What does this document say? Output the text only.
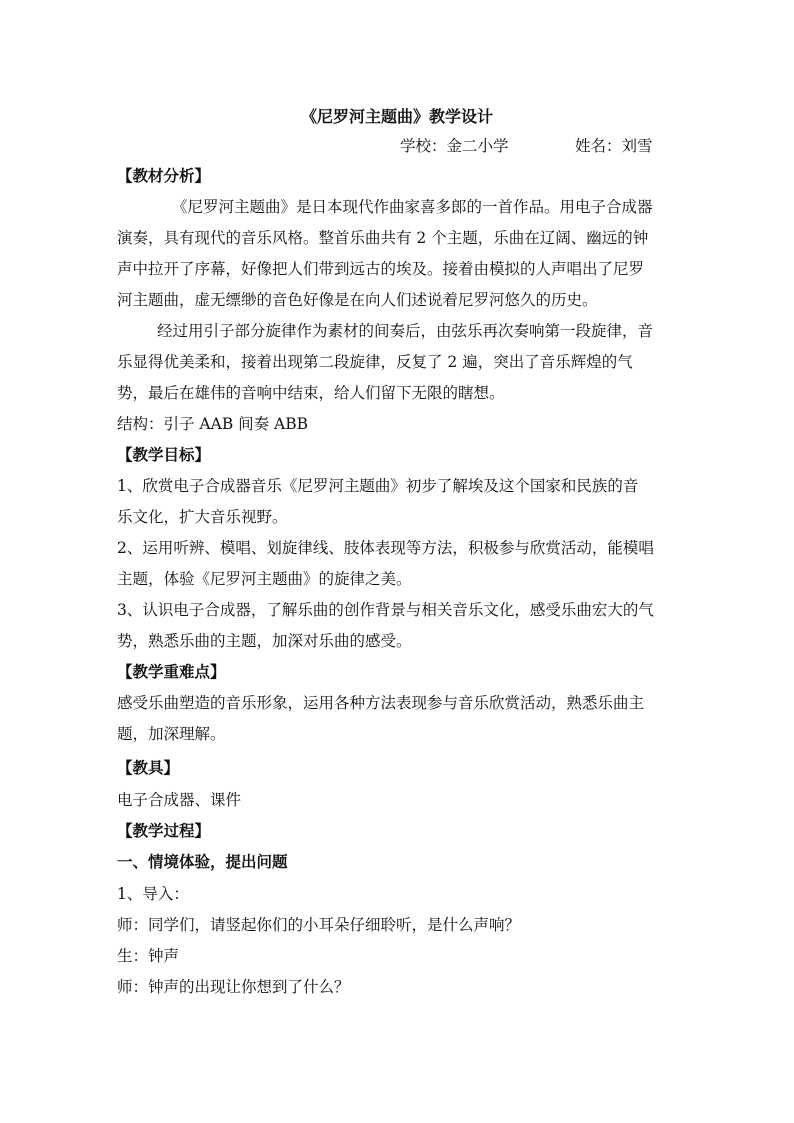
《尼罗河主题曲》教学设计
学校：金二小学	姓名：刘雪
【教材分析】
《尼罗河主题曲》是日本现代作曲家喜多郎的一首作品。用电子合成器
演奏，具有现代的音乐风格。整首乐曲共有 2 个主题，乐曲在辽阔、幽远的钟
声中拉开了序幕，好像把人们带到远古的埃及。接着由模拟的人声唱出了尼罗
河主题曲，虚无缥缈的音色好像是在向人们述说着尼罗河悠久的历史。
经过用引子部分旋律作为素材的间奏后，由弦乐再次奏响第一段旋律，音
乐显得优美柔和，接着出现第二段旋律，反复了 2 遍，突出了音乐辉煌的气
势，最后在雄伟的音响中结束，给人们留下无限的瞎想。
结构：引子 AAB 间奏 ABB
【教学目标】
1、欣赏电子合成器音乐《尼罗河主题曲》初步了解埃及这个国家和民族的音
乐文化，扩大音乐视野。
2、运用听辨、模唱、划旋律线、肢体表现等方法，积极参与欣赏活动，能模唱
主题，体验《尼罗河主题曲》的旋律之美。
3、认识电子合成器，了解乐曲的创作背景与相关音乐文化，感受乐曲宏大的气
势，熟悉乐曲的主题，加深对乐曲的感受。
【教学重难点】
感受乐曲塑造的音乐形象，运用各种方法表现参与音乐欣赏活动，熟悉乐曲主
题，加深理解。
【教具】
电子合成器、课件
【教学过程】
一、情境体验，提出问题
1、导入：
师：同学们，请竖起你们的小耳朵仔细聆听，是什么声响？
生：钟声
师：钟声的出现让你想到了什么？
